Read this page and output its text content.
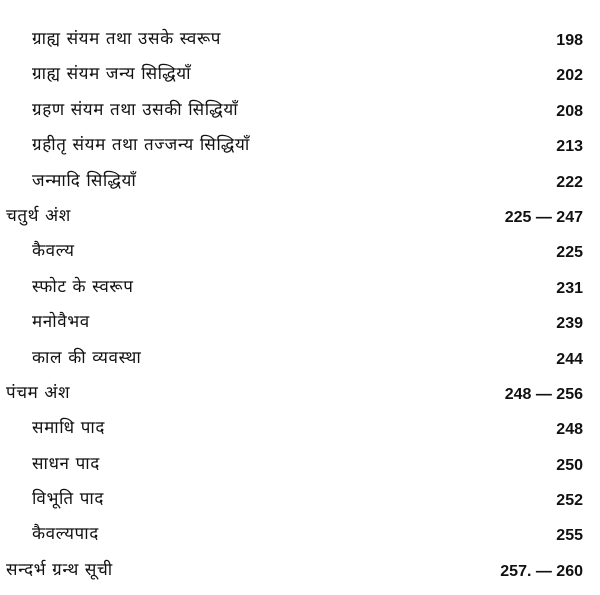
ग्राह्य संयम तथा उसके स्वरूप	198
ग्राह्य संयम जन्य सिद्धियाँ	202
ग्रहण संयम तथा उसकी सिद्धियाँ	208
ग्रहीतृ संयम तथा तज्जन्य सिद्धियाँ	213
जन्मादि सिद्धियाँ	222
चतुर्थ अंश	225 — 247
कैवल्य	225
स्फोट के स्वरूप	231
मनोवैभव	239
काल की व्यवस्था	244
पंचम अंश	248 — 256
समाधि पाद	248
साधन पाद	250
विभूति पाद	252
कैवल्यपाद	255
सन्दर्भ ग्रन्थ सूची	257. — 260
